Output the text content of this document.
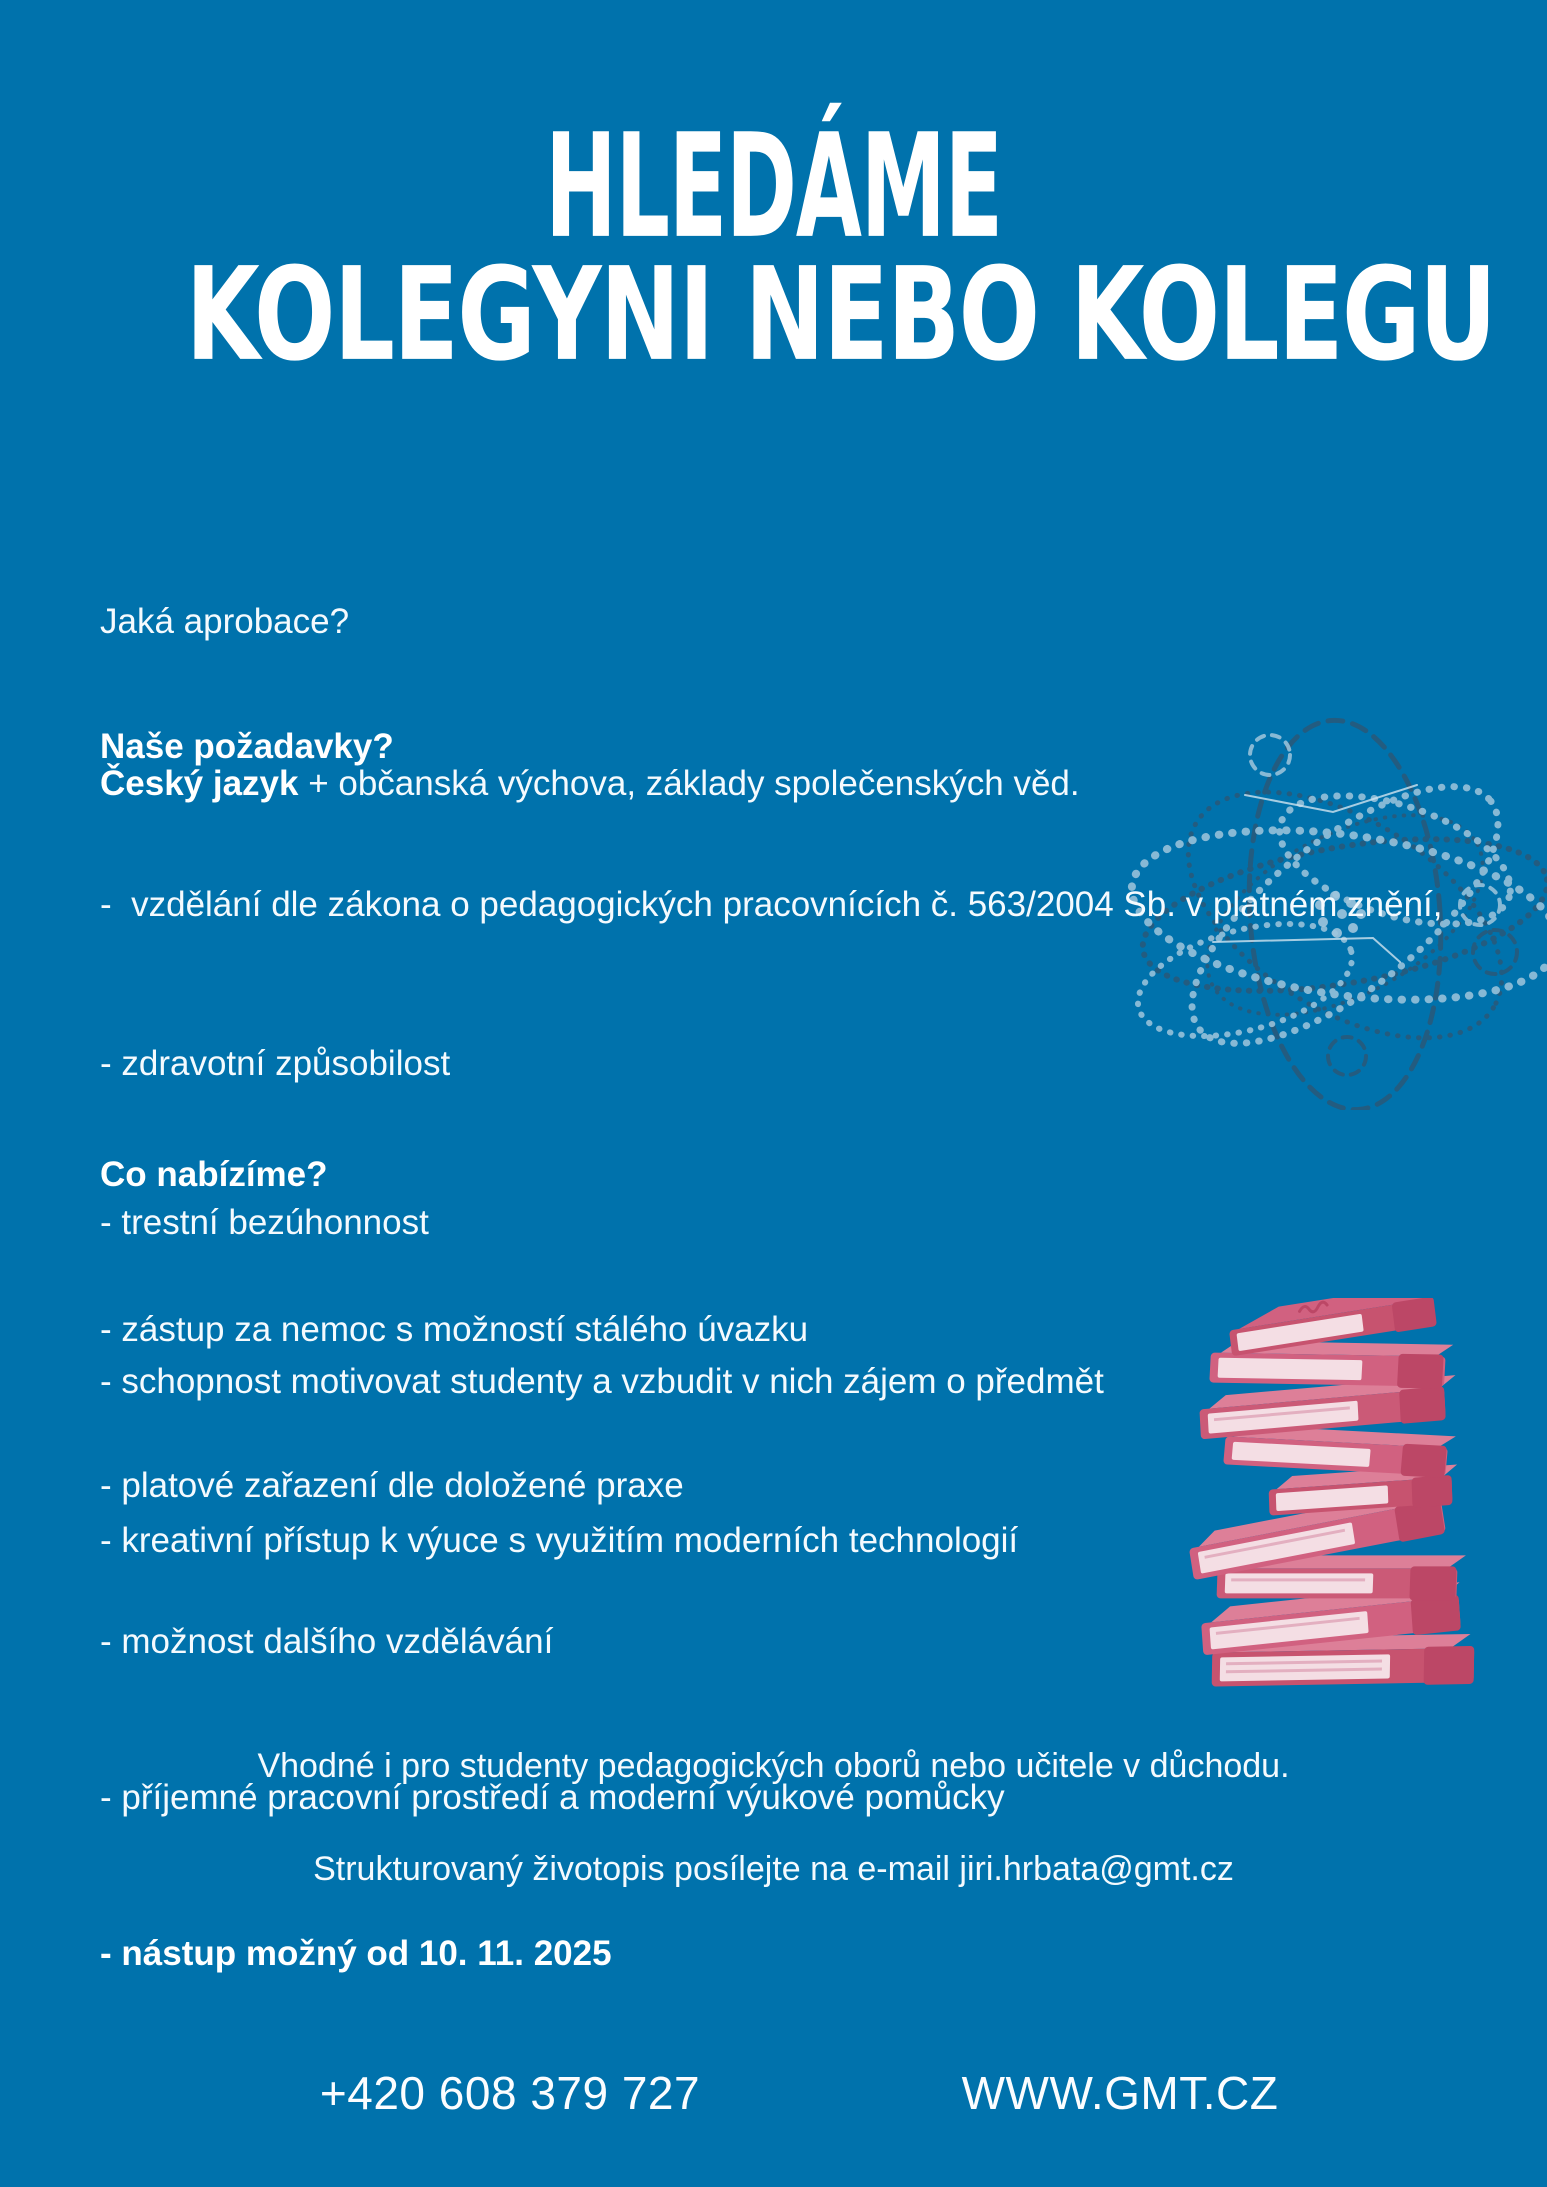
HLEDÁME
KOLEGYNI NEBO KOLEGU

Jaká aprobace?

Český jazyk + občanská výchova, základy společenských věd.

Naše požadavky?

-  vzdělání dle zákona o pedagogických pracovnících č. 563/2004 Sb. v platném znění,

- zdravotní způsobilost

- trestní bezúhonnost

- schopnost motivovat studenty a vzbudit v nich zájem o předmět

- kreativní přístup k výuce s využitím moderních technologií

Co nabízíme?

- zástup za nemoc s možností stálého úvazku

- platové zařazení dle doložené praxe

- možnost dalšího vzdělávání

- příjemné pracovní prostředí a moderní výukové pomůcky

- nástup možný od 10. 11. 2025

Vhodné i pro studenty pedagogických oborů nebo učitele v důchodu.
Strukturovaný životopis posílejte na e-mail jiri.hrbata@gmt.cz
+420 608 379 727	WWW.GMT.CZ
